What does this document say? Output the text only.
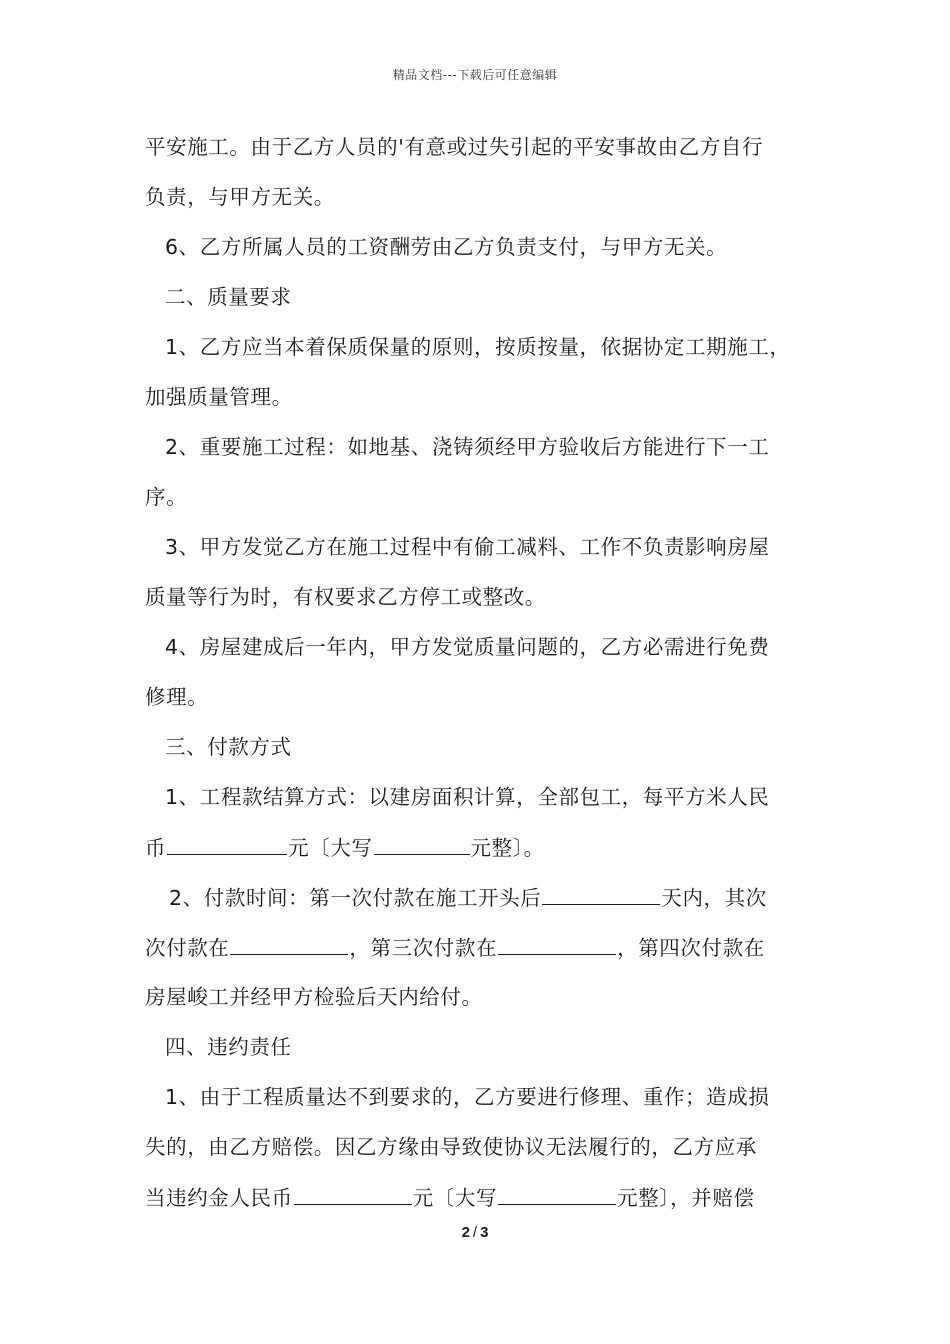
精品文档---下载后可任意编辑
平安施工。由于乙方人员的'有意或过失引起的平安事故由乙方自行
负责，与甲方无关。
6、乙方所属人员的工资酬劳由乙方负责支付，与甲方无关。
二、质量要求
1、乙方应当本着保质保量的原则，按质按量，依据协定工期施工，
加强质量管理。
2、重要施工过程：如地基、浇铸须经甲方验收后方能进行下一工
序。
3、甲方发觉乙方在施工过程中有偷工减料、工作不负责影响房屋
质量等行为时，有权要求乙方停工或整改。
4、房屋建成后一年内，甲方发觉质量问题的，乙方必需进行免费
修理。
三、付款方式
1、工程款结算方式：以建房面积计算，全部包工，每平方米人民
币	元〔大写	元整〕。
2、付款时间：第一次付款在施工开头后	天内，其次
次付款在	，第三次付款在	，第四次付款在
房屋峻工并经甲方检验后天内给付。
四、违约责任
1、由于工程质量达不到要求的，乙方要进行修理、重作；造成损
失的，由乙方赔偿。因乙方缘由导致使协议无法履行的，乙方应承
当违约金人民币	元〔大写	元整〕，并赔偿
2 / 3
